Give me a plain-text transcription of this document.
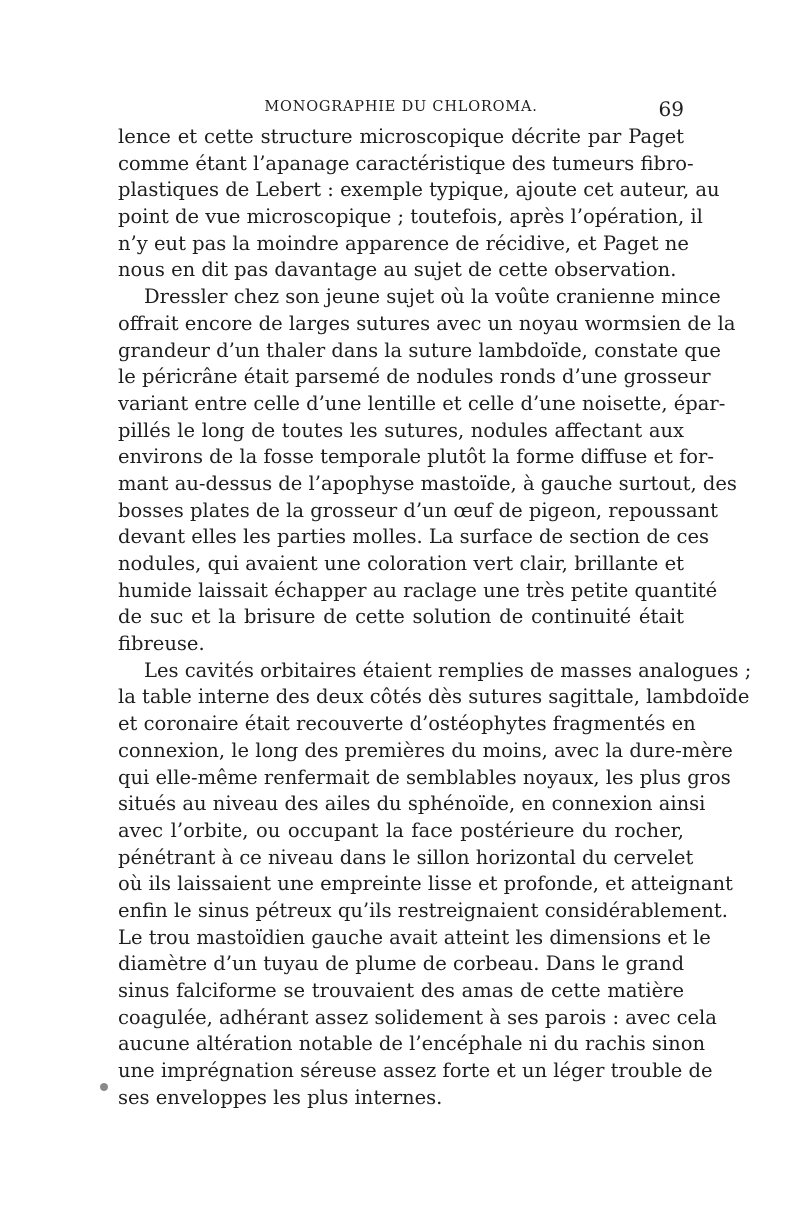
MONOGRAPHIE DU CHLOROMA.	69
lence et cette structure microscopique décrite par Paget
comme étant l’apanage caractéristique des tumeurs fibro-
plastiques de Lebert : exemple typique, ajoute cet auteur, au
point de vue microscopique ; toutefois, après l’opération, il
n’y eut pas la moindre apparence de récidive, et Paget ne
nous en dit pas davantage au sujet de cette observation.
Dressler chez son jeune sujet où la voûte cranienne mince
offrait encore de larges sutures avec un noyau wormsien de la
grandeur d’un thaler dans la suture lambdoïde, constate que
le péricrâne était parsemé de nodules ronds d’une grosseur
variant entre celle d’une lentille et celle d’une noisette, épar-
pillés le long de toutes les sutures, nodules affectant aux
environs de la fosse temporale plutôt la forme diffuse et for-
mant au-dessus de l’apophyse mastoïde, à gauche surtout, des
bosses plates de la grosseur d’un œuf de pigeon, repoussant
devant elles les parties molles. La surface de section de ces
nodules, qui avaient une coloration vert clair, brillante et
humide laissait échapper au raclage une très petite quantité
de suc et la brisure de cette solution de continuité était
fibreuse.
Les cavités orbitaires étaient remplies de masses analogues ;
la table interne des deux côtés dès sutures sagittale, lambdoïde
et coronaire était recouverte d’ostéophytes fragmentés en
connexion, le long des premières du moins, avec la dure-mère
qui elle-même renfermait de semblables noyaux, les plus gros
situés au niveau des ailes du sphénoïde, en connexion ainsi
avec l’orbite, ou occupant la face postérieure du rocher,
pénétrant à ce niveau dans le sillon horizontal du cervelet
où ils laissaient une empreinte lisse et profonde, et atteignant
enfin le sinus pétreux qu’ils restreignaient considérablement.
Le trou mastoïdien gauche avait atteint les dimensions et le
diamètre d’un tuyau de plume de corbeau. Dans le grand
sinus falciforme se trouvaient des amas de cette matière
coagulée, adhérant assez solidement à ses parois : avec cela
aucune altération notable de l’encéphale ni du rachis sinon
une imprégnation séreuse assez forte et un léger trouble de
ses enveloppes les plus internes.
